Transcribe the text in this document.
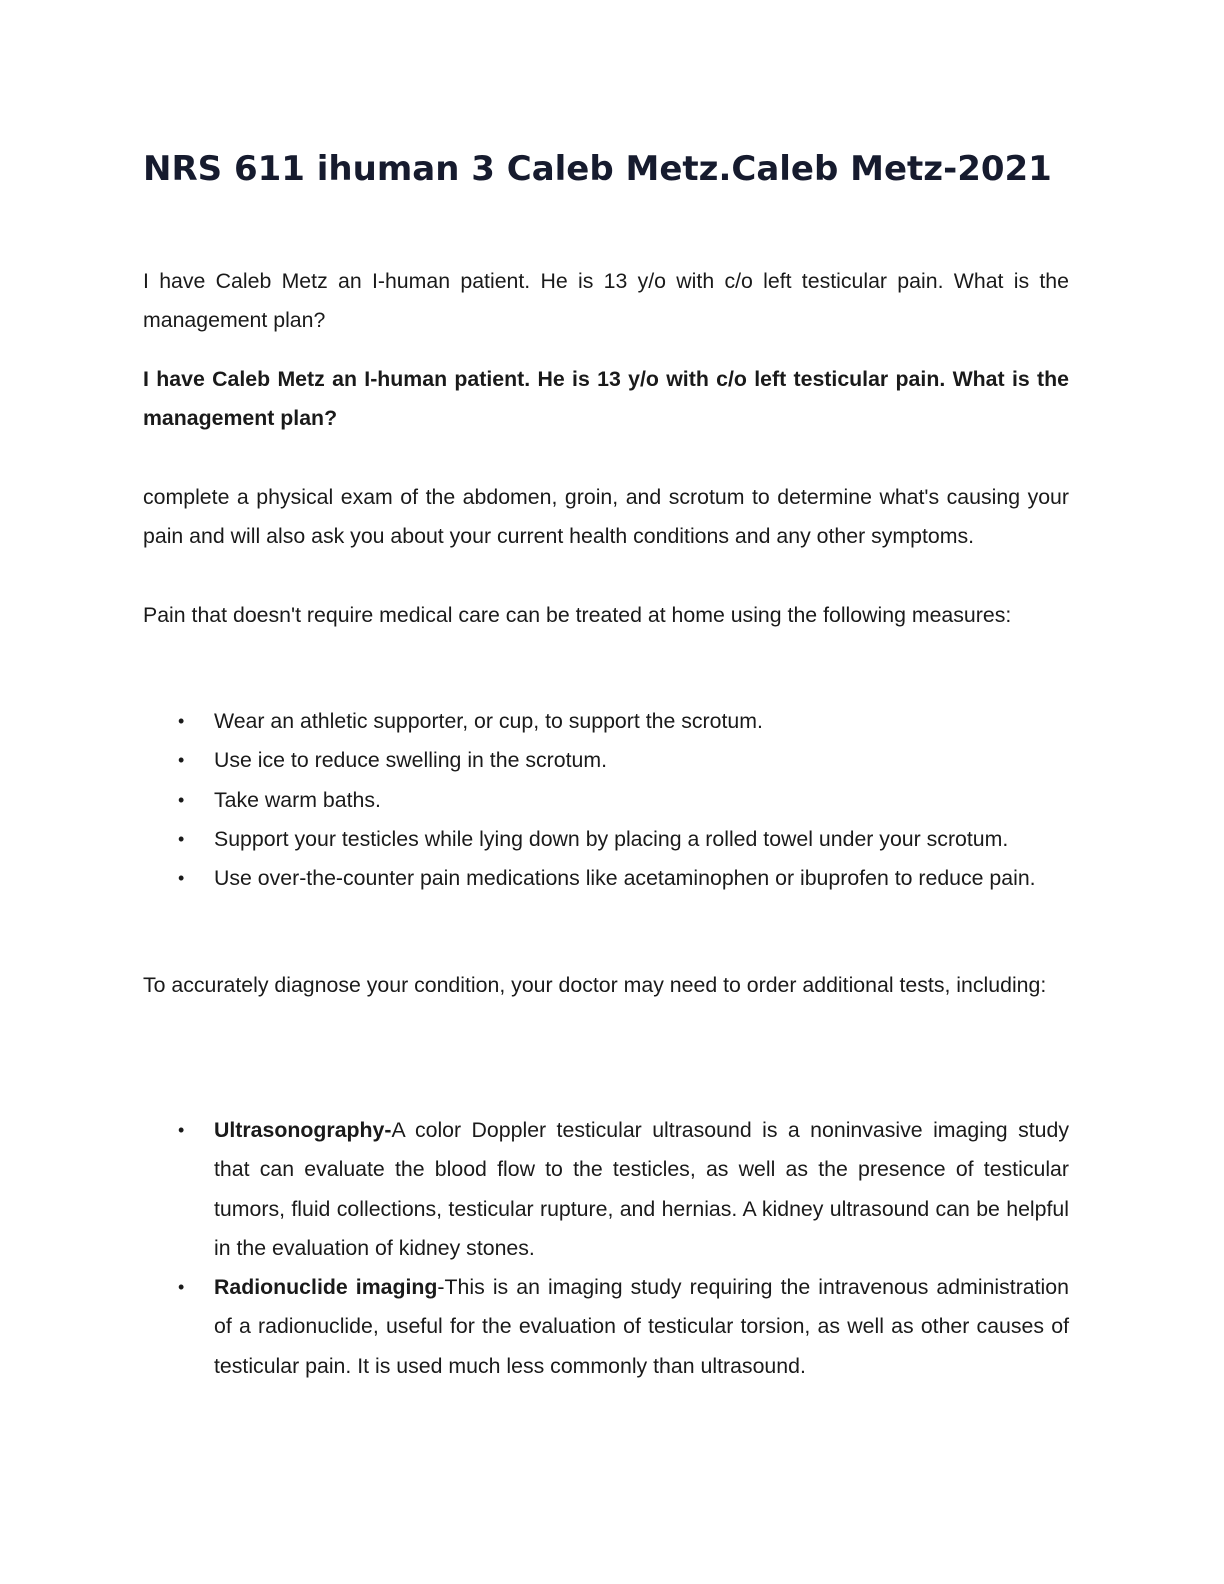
NRS 611 ihuman 3 Caleb Metz.Caleb Metz-2021

I have Caleb Metz an I-human patient. He is 13 y/o with c/o left testicular pain. What is the management plan?

I have Caleb Metz an I-human patient. He is 13 y/o with c/o left testicular pain. What is the management plan?

complete a physical exam of the abdomen, groin, and scrotum to determine what's causing your pain and will also ask you about your current health conditions and any other symptoms.

Pain that doesn't require medical care can be treated at home using the following measures:

• Wear an athletic supporter, or cup, to support the scrotum.
• Use ice to reduce swelling in the scrotum.
• Take warm baths.
• Support your testicles while lying down by placing a rolled towel under your scrotum.
• Use over-the-counter pain medications like acetaminophen or ibuprofen to reduce pain.

To accurately diagnose your condition, your doctor may need to order additional tests, including:

• Ultrasonography-A color Doppler testicular ultrasound is a noninvasive imaging study that can evaluate the blood flow to the testicles, as well as the presence of testicular tumors, fluid collections, testicular rupture, and hernias. A kidney ultrasound can be helpful in the evaluation of kidney stones.
• Radionuclide imaging-This is an imaging study requiring the intravenous administration of a radionuclide, useful for the evaluation of testicular torsion, as well as other causes of testicular pain. It is used much less commonly than ultrasound.
